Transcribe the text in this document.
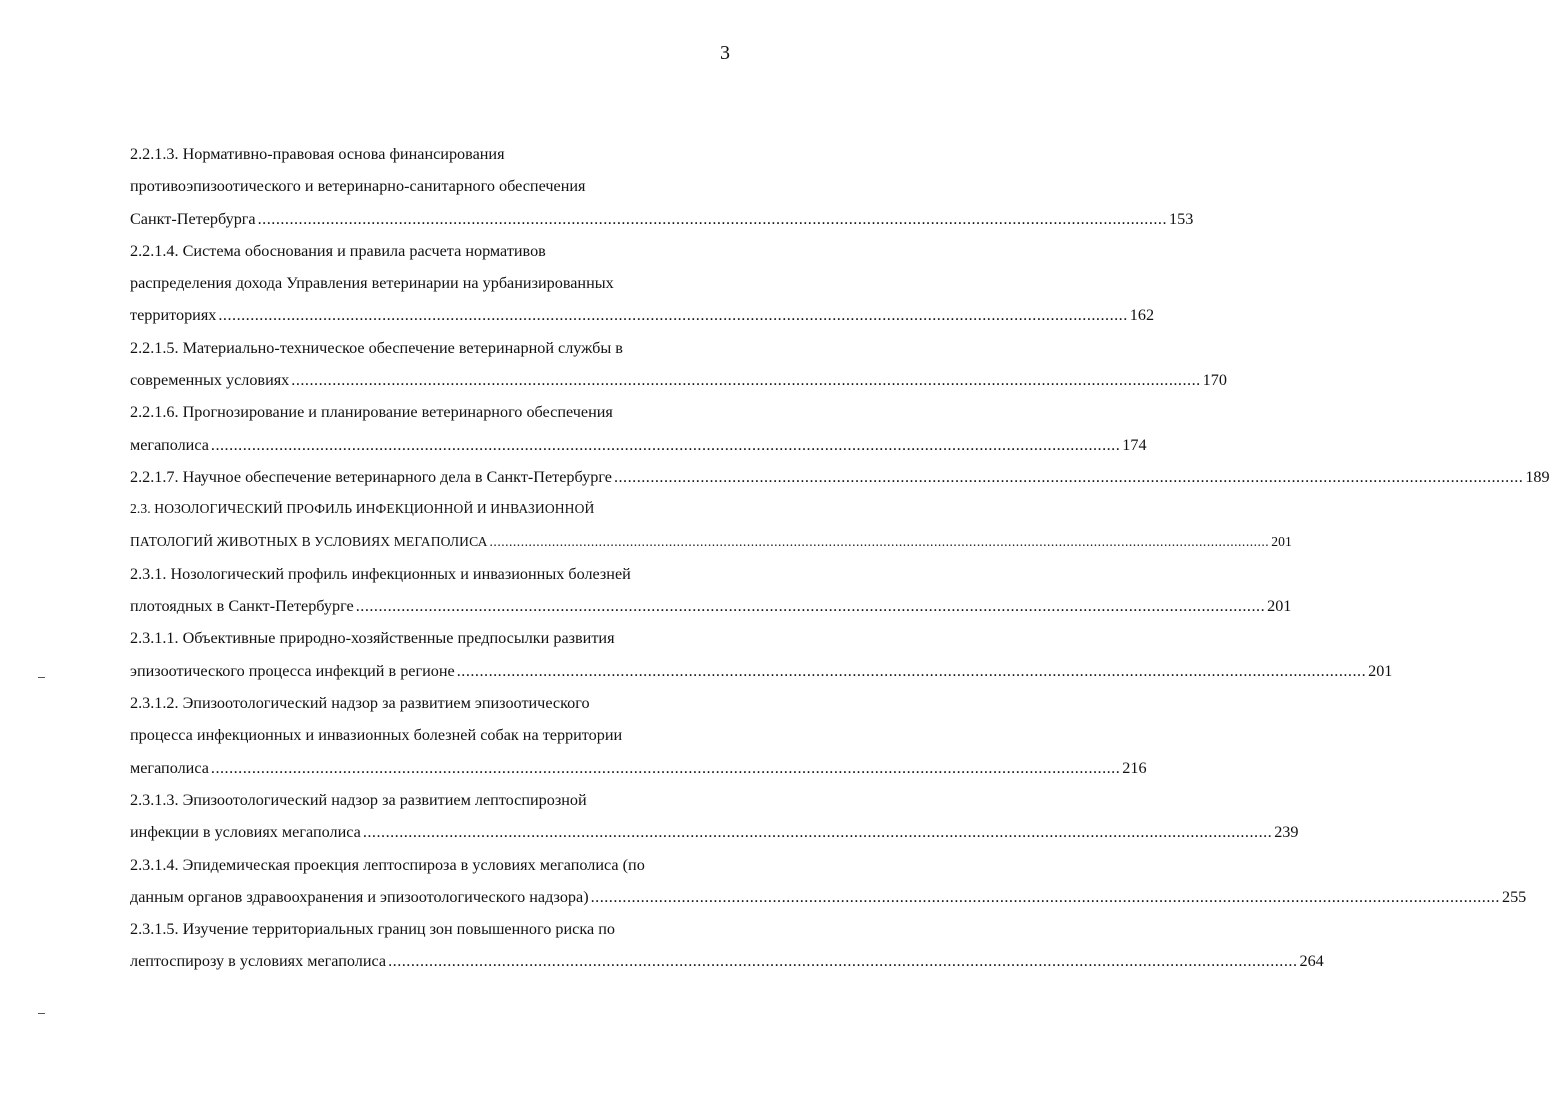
3
2.2.1.3. Нормативно-правовая основа финансирования
противоэпизоотического и ветеринарно-санитарного обеспечения
Санкт-Петербурга ........................................................................................................................................................................................................ 153
2.2.1.4. Система обоснования и правила расчета нормативов
распределения дохода Управления ветеринарии на урбанизированных
территориях ........................................................................................................................................................................................................ 162
2.2.1.5. Материально-техническое обеспечение ветеринарной службы в
современных условиях ........................................................................................................................................................................................................ 170
2.2.1.6. Прогнозирование и планирование ветеринарного обеспечения
мегаполиса ........................................................................................................................................................................................................ 174
2.2.1.7. Научное обеспечение ветеринарного дела в Санкт-Петербурге ........................................................................................................................................................................................................ 189
2.3. НОЗОЛОГИЧЕСКИЙ ПРОФИЛЬ ИНФЕКЦИОННОЙ И ИНВАЗИОННОЙ
ПАТОЛОГИЙ ЖИВОТНЫХ В УСЛОВИЯХ МЕГАПОЛИСА ........................................................................................................................................................................................................ 201
2.3.1. Нозологический профиль инфекционных и инвазионных болезней
плотоядных в Санкт-Петербурге ........................................................................................................................................................................................................ 201
2.3.1.1. Объективные природно-хозяйственные предпосылки развития
эпизоотического процесса инфекций в регионе ........................................................................................................................................................................................................ 201
2.3.1.2. Эпизоотологический надзор за развитием эпизоотического
процесса инфекционных и инвазионных болезней собак на территории
мегаполиса ........................................................................................................................................................................................................ 216
2.3.1.3. Эпизоотологический надзор за развитием лептоспирозной
инфекции в условиях мегаполиса ........................................................................................................................................................................................................ 239
2.3.1.4. Эпидемическая проекция лептоспироза в условиях мегаполиса (по
данным органов здравоохранения и эпизоотологического надзора) ........................................................................................................................................................................................................ 255
2.3.1.5. Изучение территориальных границ зон повышенного риска по
лептоспирозу в условиях мегаполиса ........................................................................................................................................................................................................ 264
